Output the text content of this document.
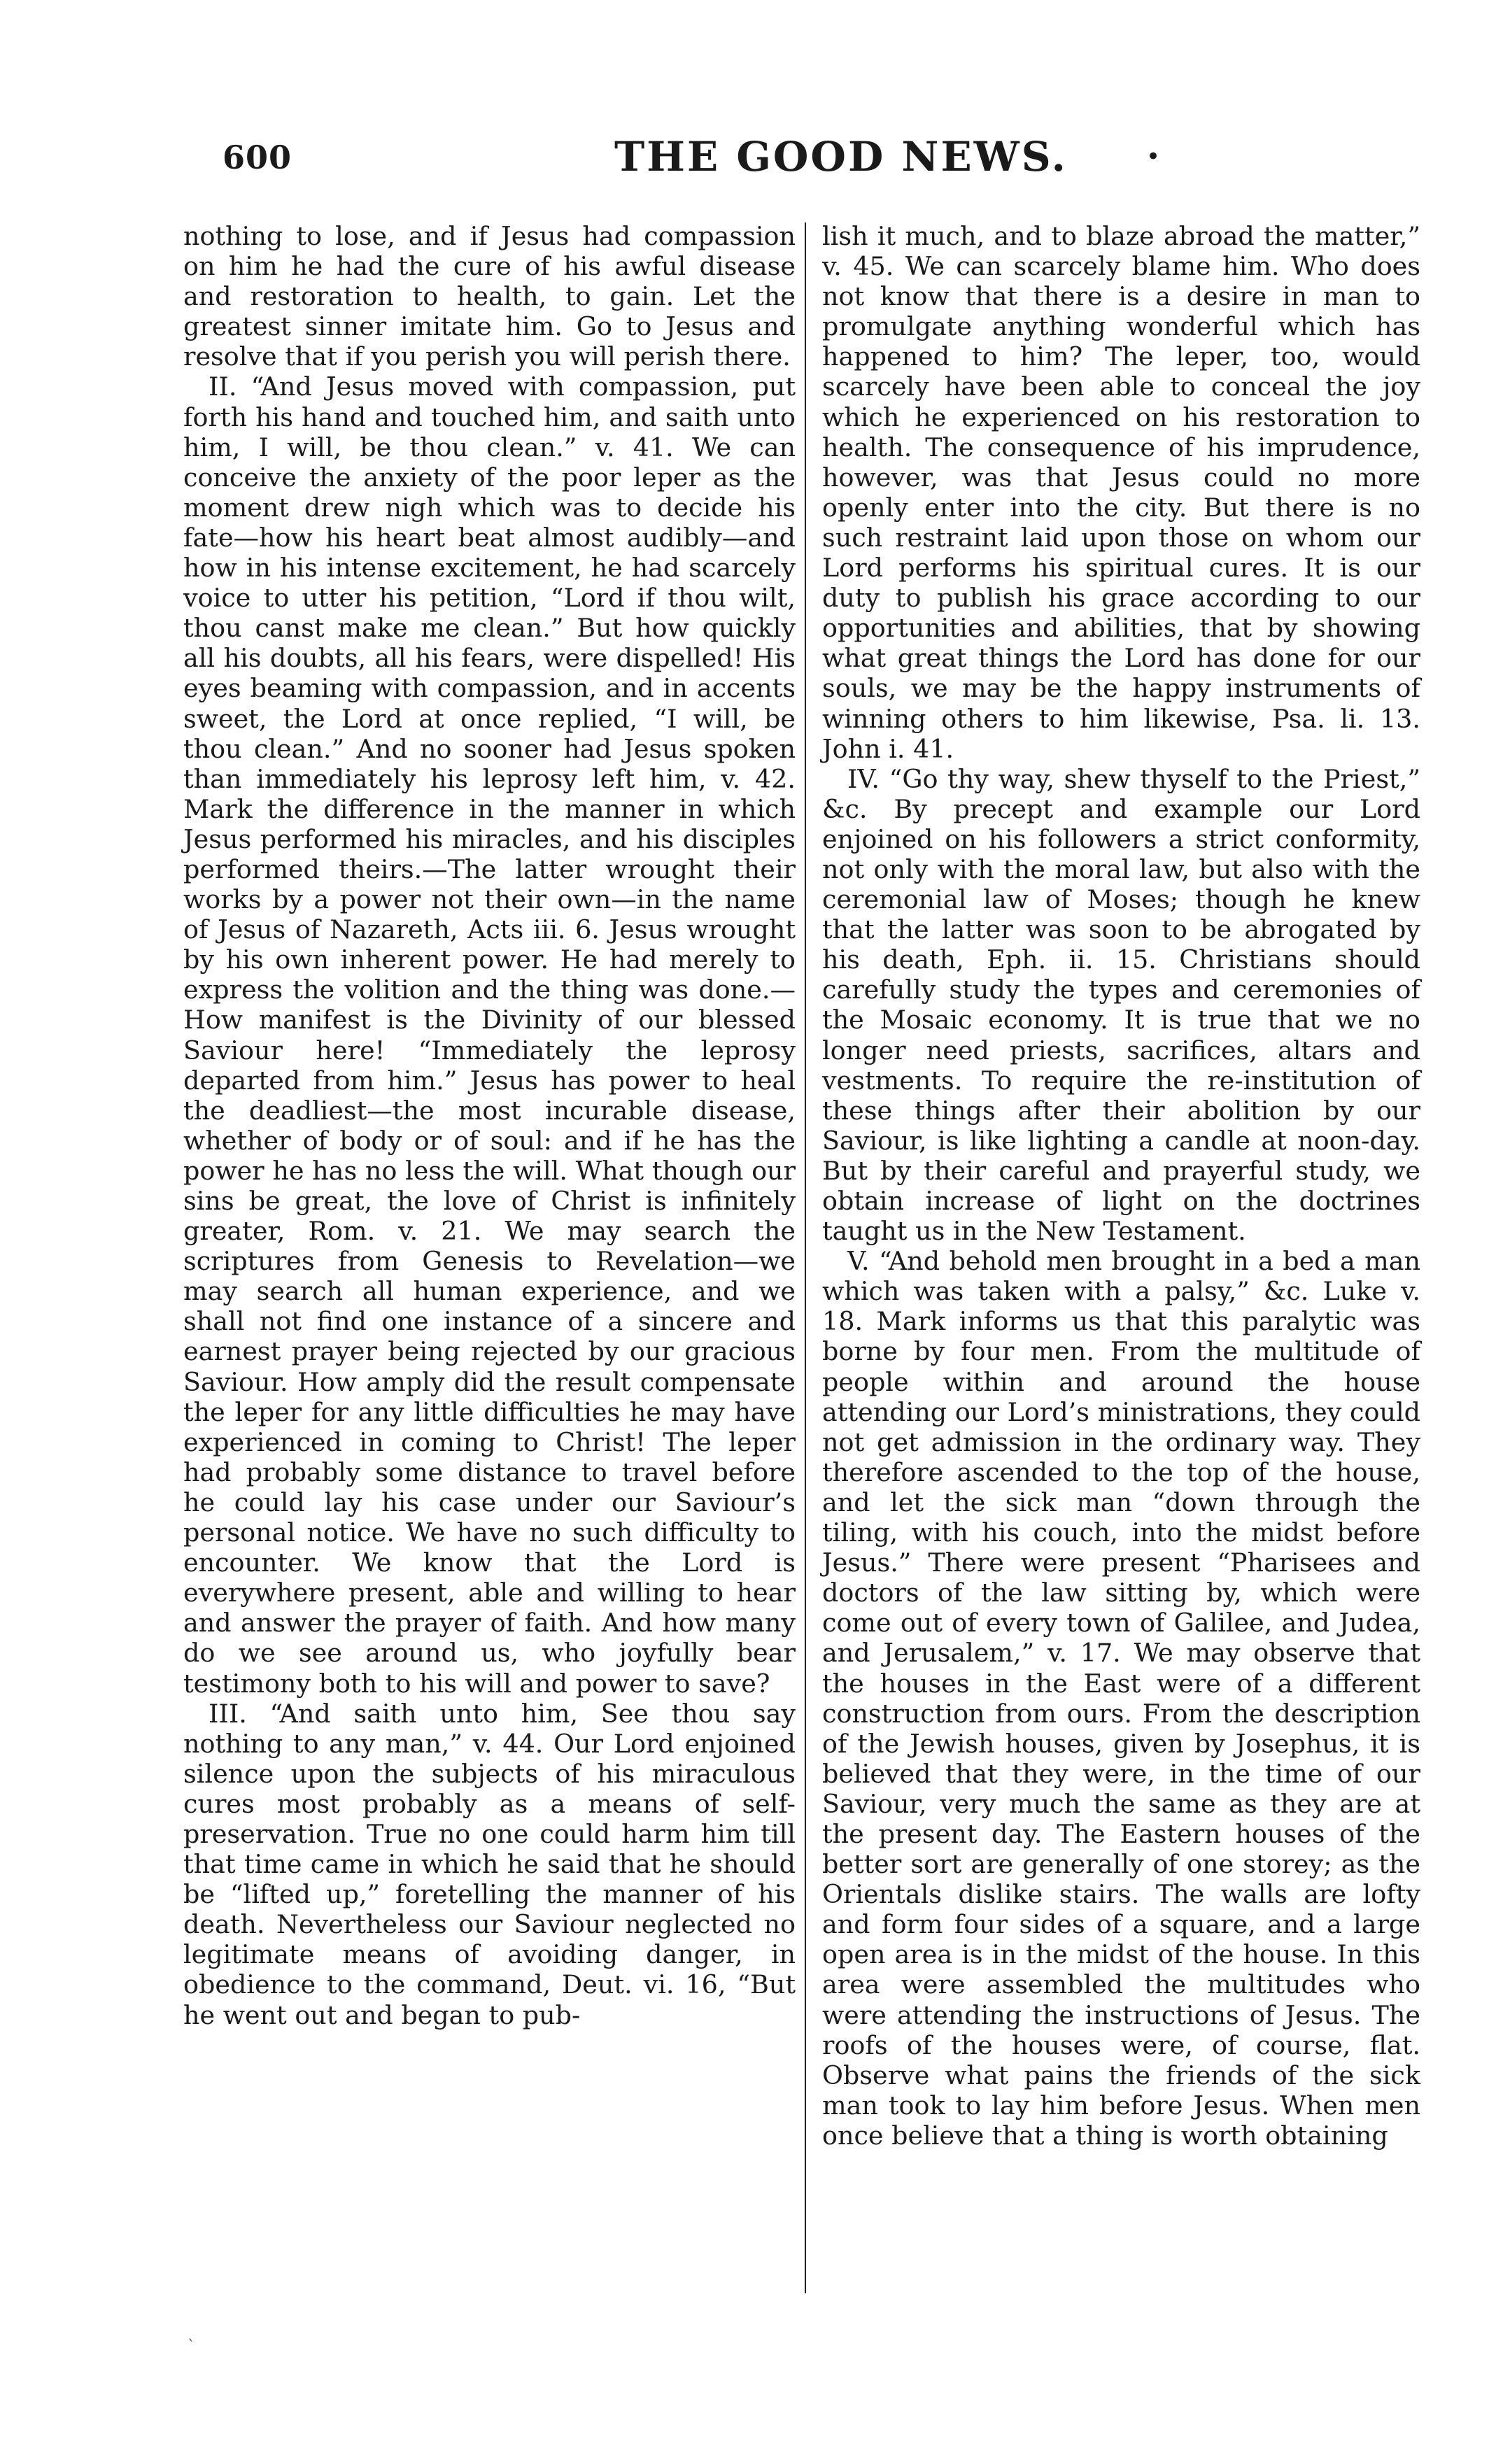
600	THE GOOD NEWS.	•

nothing to lose, and if Jesus had compassion on him he had the cure of his awful disease and restoration to health, to gain. Let the greatest sinner imitate him. Go to Jesus and resolve that if you perish you will perish there.

II. “And Jesus moved with compassion, put forth his hand and touched him, and saith unto him, I will, be thou clean.” v. 41. We can conceive the anxiety of the poor leper as the moment drew nigh which was to decide his fate—how his heart beat almost audibly—and how in his intense excitement, he had scarcely voice to utter his petition, “Lord if thou wilt, thou canst make me clean.” But how quickly all his doubts, all his fears, were dispelled! His eyes beaming with compassion, and in accents sweet, the Lord at once replied, “I will, be thou clean.” And no sooner had Jesus spoken than immediately his leprosy left him, v. 42. Mark the difference in the manner in which Jesus performed his miracles, and his disciples performed theirs.—The latter wrought their works by a power not their own—in the name of Jesus of Nazareth, Acts iii. 6. Jesus wrought by his own inherent power. He had merely to express the volition and the thing was done.—How manifest is the Divinity of our blessed Saviour here! “Immediately the leprosy departed from him.” Jesus has power to heal the deadliest—the most incurable disease, whether of body or of soul: and if he has the power he has no less the will. What though our sins be great, the love of Christ is infinitely greater, Rom. v. 21. We may search the scriptures from Genesis to Revelation—we may search all human experience, and we shall not find one instance of a sincere and earnest prayer being rejected by our gracious Saviour. How amply did the result compensate the leper for any little difficulties he may have experienced in coming to Christ! The leper had probably some distance to travel before he could lay his case under our Saviour’s personal notice. We have no such difficulty to encounter. We know that the Lord is everywhere present, able and willing to hear and answer the prayer of faith. And how many do we see around us, who joyfully bear testimony both to his will and power to save?

III. “And saith unto him, See thou say nothing to any man,” v. 44. Our Lord enjoined silence upon the subjects of his miraculous cures most probably as a means of self-preservation. True no one could harm him till that time came in which he said that he should be “lifted up,” foretelling the manner of his death. Nevertheless our Saviour neglected no legitimate means of avoiding danger, in obedience to the command, Deut. vi. 16, “But he went out and began to pub-

lish it much, and to blaze abroad the matter,” v. 45. We can scarcely blame him. Who does not know that there is a desire in man to promulgate anything wonderful which has happened to him? The leper, too, would scarcely have been able to conceal the joy which he experienced on his restoration to health. The consequence of his imprudence, however, was that Jesus could no more openly enter into the city. But there is no such restraint laid upon those on whom our Lord performs his spiritual cures. It is our duty to publish his grace according to our opportunities and abilities, that by showing what great things the Lord has done for our souls, we may be the happy instruments of winning others to him likewise, Psa. li. 13. John i. 41.

IV. “Go thy way, shew thyself to the Priest,” &c. By precept and example our Lord enjoined on his followers a strict conformity, not only with the moral law, but also with the ceremonial law of Moses; though he knew that the latter was soon to be abrogated by his death, Eph. ii. 15. Christians should carefully study the types and ceremonies of the Mosaic economy. It is true that we no longer need priests, sacrifices, altars and vestments. To require the re-institution of these things after their abolition by our Saviour, is like lighting a candle at noon-day. But by their careful and prayerful study, we obtain increase of light on the doctrines taught us in the New Testament.

V. “And behold men brought in a bed a man which was taken with a palsy,” &c. Luke v. 18. Mark informs us that this paralytic was borne by four men. From the multitude of people within and around the house attending our Lord’s ministrations, they could not get admission in the ordinary way. They therefore ascended to the top of the house, and let the sick man “down through the tiling, with his couch, into the midst before Jesus.” There were present “Pharisees and doctors of the law sitting by, which were come out of every town of Galilee, and Judea, and Jerusalem,” v. 17. We may observe that the houses in the East were of a different construction from ours. From the description of the Jewish houses, given by Josephus, it is believed that they were, in the time of our Saviour, very much the same as they are at the present day. The Eastern houses of the better sort are generally of one storey; as the Orientals dislike stairs. The walls are lofty and form four sides of a square, and a large open area is in the midst of the house. In this area were assembled the multitudes who were attending the instructions of Jesus. The roofs of the houses were, of course, flat. Observe what pains the friends of the sick man took to lay him before Jesus. When men once believe that a thing is worth obtaining

`
